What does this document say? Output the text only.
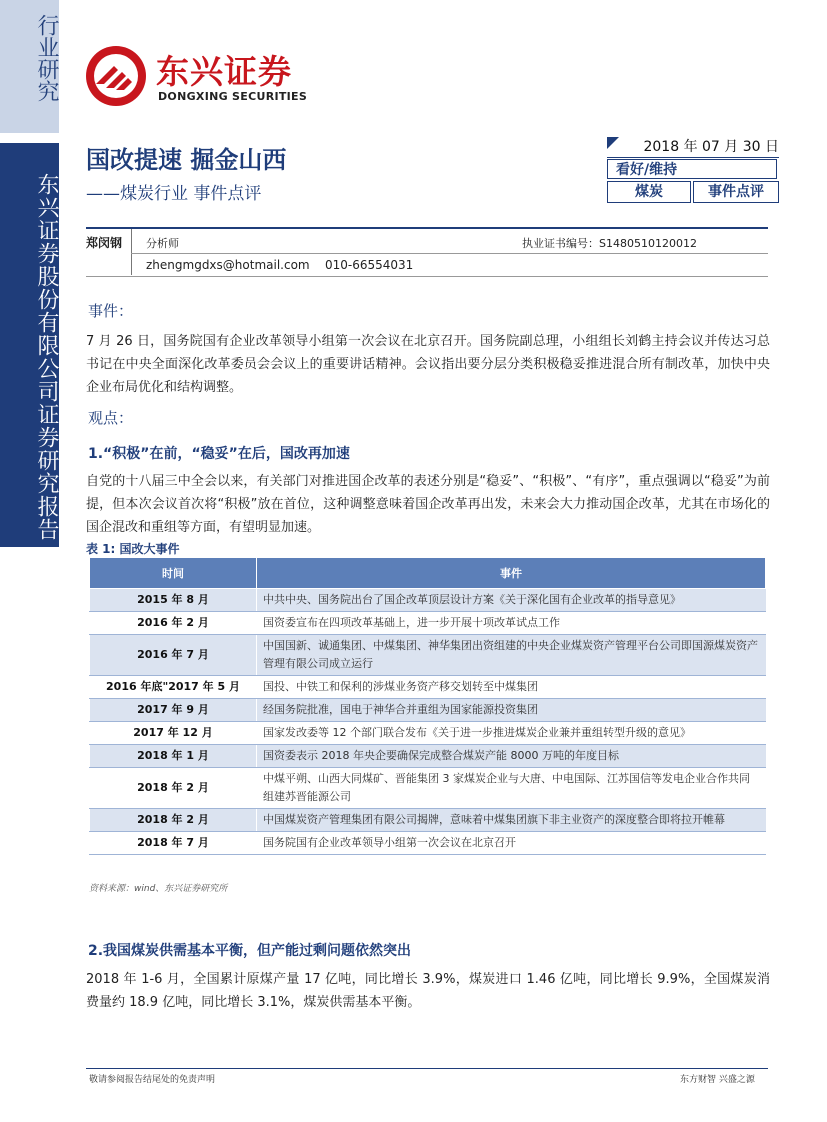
行业研究
东兴证券股份有限公司证券研究报告
东兴证券
DONGXING SECURITIES
国改提速 掘金山西
——煤炭行业 事件点评
2018 年 07 月 30 日
看好/维持
煤炭	事件点评
郑闵钢 分析师	执业证书编号：S1480510120012
zhengmgdxs@hotmail.com 010-66554031
事件：
7 月 26 日，国务院国有企业改革领导小组第一次会议在北京召开。国务院副总理，小组组长刘鹤主持会议并传达习总书记在中央全面深化改革委员会会议上的重要讲话精神。会议指出要分层分类积极稳妥推进混合所有制改革，加快中央企业布局优化和结构调整。
观点：
1.“积极”在前，“稳妥”在后，国改再加速
自党的十八届三中全会以来，有关部门对推进国企改革的表述分别是“稳妥”、“积极”、“有序”，重点强调以“稳妥”为前提，但本次会议首次将“积极”放在首位，这种调整意味着国企改革再出发，未来会大力推动国企改革，尤其在市场化的国企混改和重组等方面，有望明显加速。
表 1: 国改大事件
时间	事件
2015 年 8 月	中共中央、国务院出台了国企改革顶层设计方案《关于深化国有企业改革的指导意见》
2016 年 2 月	国资委宣布在四项改革基础上，进一步开展十项改革试点工作
2016 年 7 月	中国国新、诚通集团、中煤集团、神华集团出资组建的中央企业煤炭资产管理平台公司即国源煤炭资产管理有限公司成立运行
2016 年底"2017 年 5 月	国投、中铁工和保利的涉煤业务资产移交划转至中煤集团
2017 年 9 月	经国务院批准，国电于神华合并重组为国家能源投资集团
2017 年 12 月	国家发改委等 12 个部门联合发布《关于进一步推进煤炭企业兼并重组转型升级的意见》
2018 年 1 月	国资委表示 2018 年央企要确保完成整合煤炭产能 8000 万吨的年度目标
2018 年 2 月	中煤平朔、山西大同煤矿、晋能集团 3 家煤炭企业与大唐、中电国际、江苏国信等发电企业合作共同组建苏晋能源公司
2018 年 2 月	中国煤炭资产管理集团有限公司揭牌，意味着中煤集团旗下非主业资产的深度整合即将拉开帷幕
2018 年 7 月	国务院国有企业改革领导小组第一次会议在北京召开
资料来源：wind、东兴证券研究所
2.我国煤炭供需基本平衡，但产能过剩问题依然突出
2018 年 1-6 月，全国累计原煤产量 17 亿吨，同比增长 3.9%，煤炭进口 1.46 亿吨，同比增长 9.9%，全国煤炭消费量约 18.9 亿吨，同比增长 3.1%，煤炭供需基本平衡。
敬请参阅报告结尾处的免责声明	东方财智 兴盛之源
